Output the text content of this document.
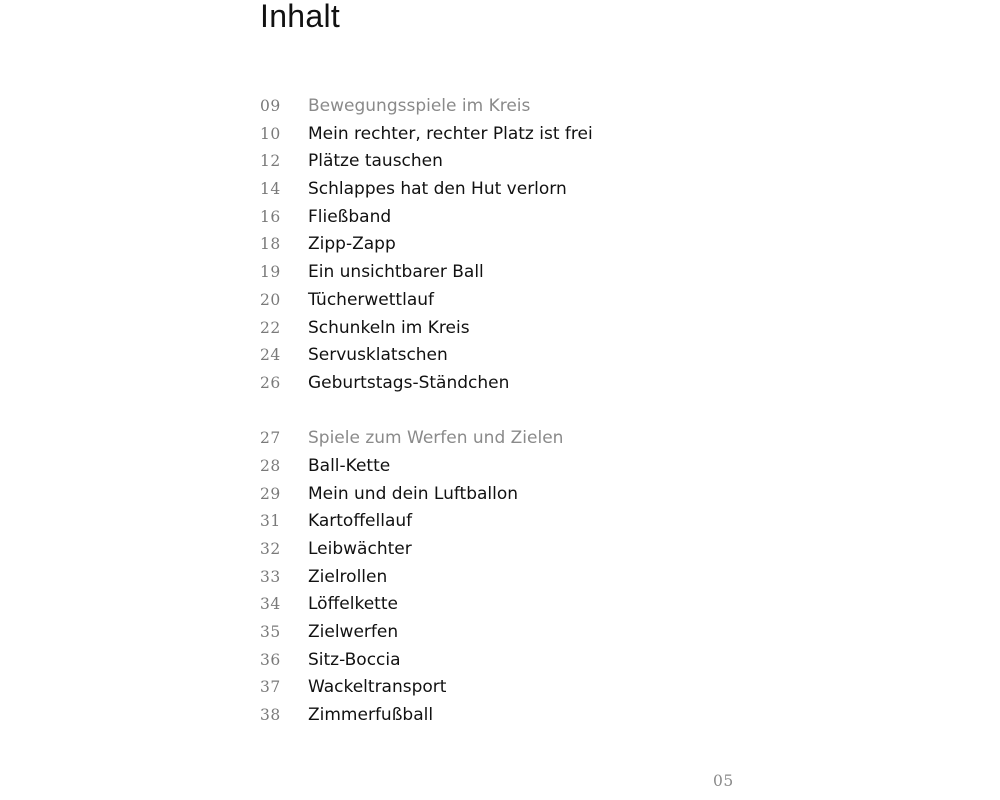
Inhalt
09	Bewegungsspiele im Kreis
10	Mein rechter, rechter Platz ist frei
12	Plätze tauschen
14	Schlappes hat den Hut verlorn
16	Fließband
18	Zipp-Zapp
19	Ein unsichtbarer Ball
20	Tücherwettlauf
22	Schunkeln im Kreis
24	Servusklatschen
26	Geburtstags-Ständchen
27	Spiele zum Werfen und Zielen
28	Ball-Kette
29	Mein und dein Luftballon
31	Kartoffellauf
32	Leibwächter
33	Zielrollen
34	Löffelkette
35	Zielwerfen
36	Sitz-Boccia
37	Wackeltransport
38	Zimmerfußball
05
